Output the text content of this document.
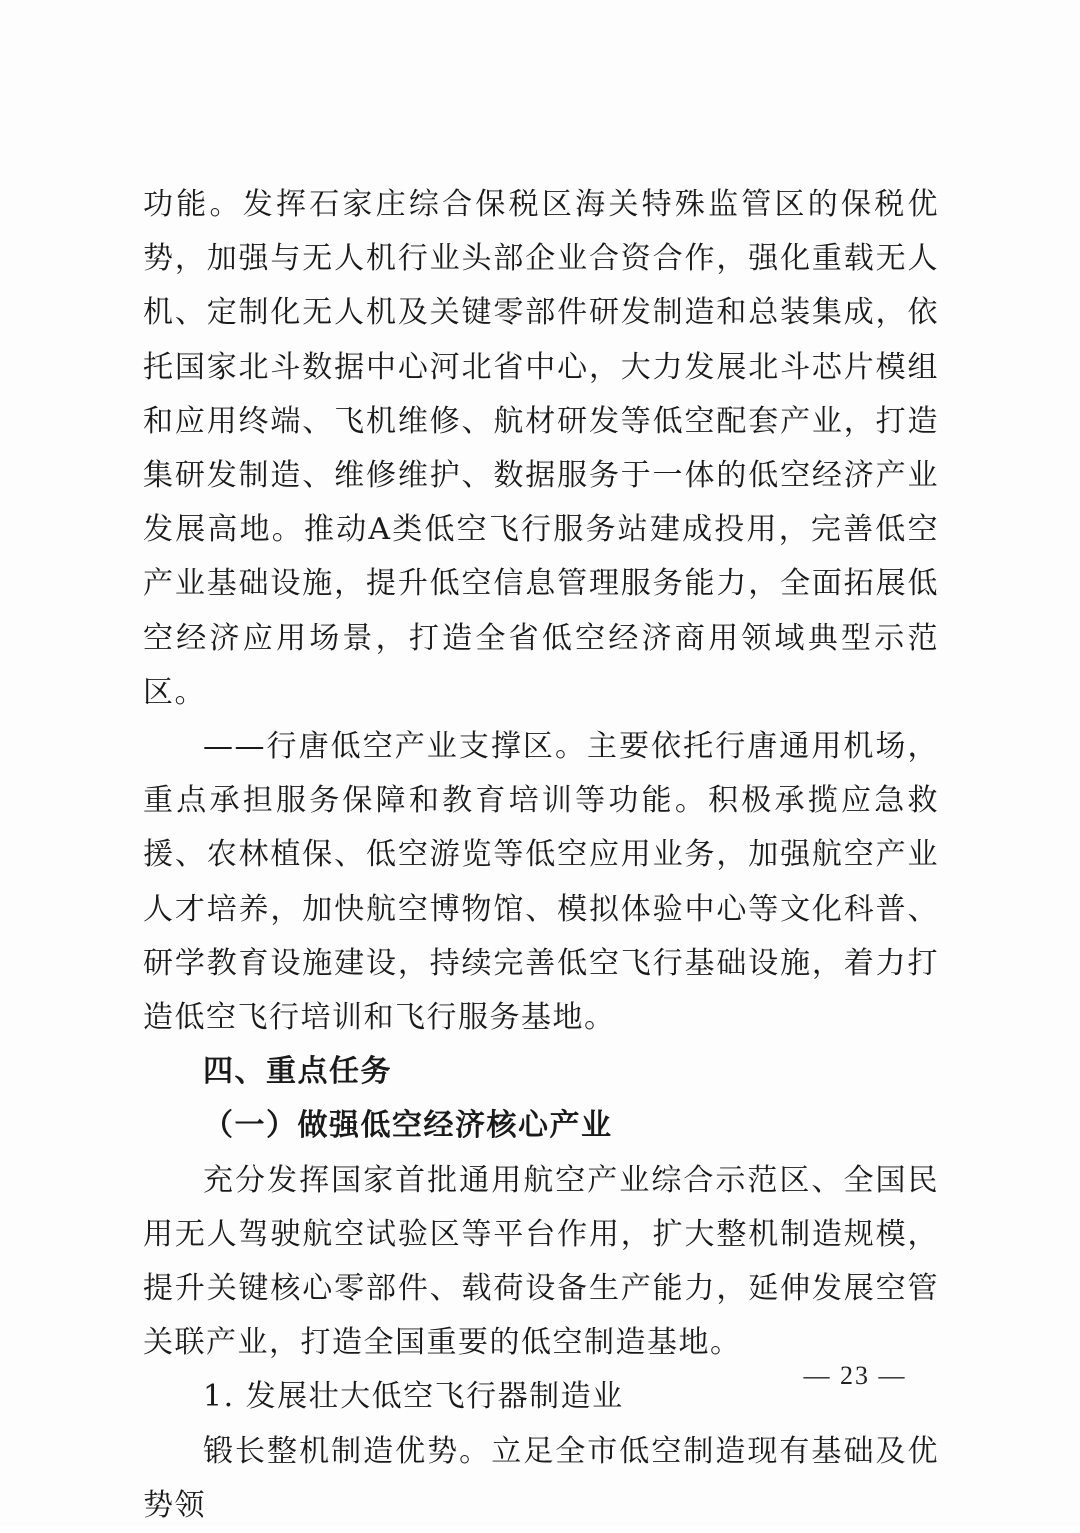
功能。发挥石家庄综合保税区海关特殊监管区的保税优势，加强与无人机行业头部企业合资合作，强化重载无人机、定制化无人机及关键零部件研发制造和总装集成，依托国家北斗数据中心河北省中心，大力发展北斗芯片模组和应用终端、飞机维修、航材研发等低空配套产业，打造集研发制造、维修维护、数据服务于一体的低空经济产业发展高地。推动A类低空飞行服务站建成投用，完善低空产业基础设施，提升低空信息管理服务能力，全面拓展低空经济应用场景，打造全省低空经济商用领域典型示范区。

——行唐低空产业支撑区。主要依托行唐通用机场，重点承担服务保障和教育培训等功能。积极承揽应急救援、农林植保、低空游览等低空应用业务，加强航空产业人才培养，加快航空博物馆、模拟体验中心等文化科普、研学教育设施建设，持续完善低空飞行基础设施，着力打造低空飞行培训和飞行服务基地。

四、重点任务

（一）做强低空经济核心产业

充分发挥国家首批通用航空产业综合示范区、全国民用无人驾驶航空试验区等平台作用，扩大整机制造规模，提升关键核心零部件、载荷设备生产能力，延伸发展空管关联产业，打造全国重要的低空制造基地。

1. 发展壮大低空飞行器制造业

锻长整机制造优势。立足全市低空制造现有基础及优势领

— 23 —
